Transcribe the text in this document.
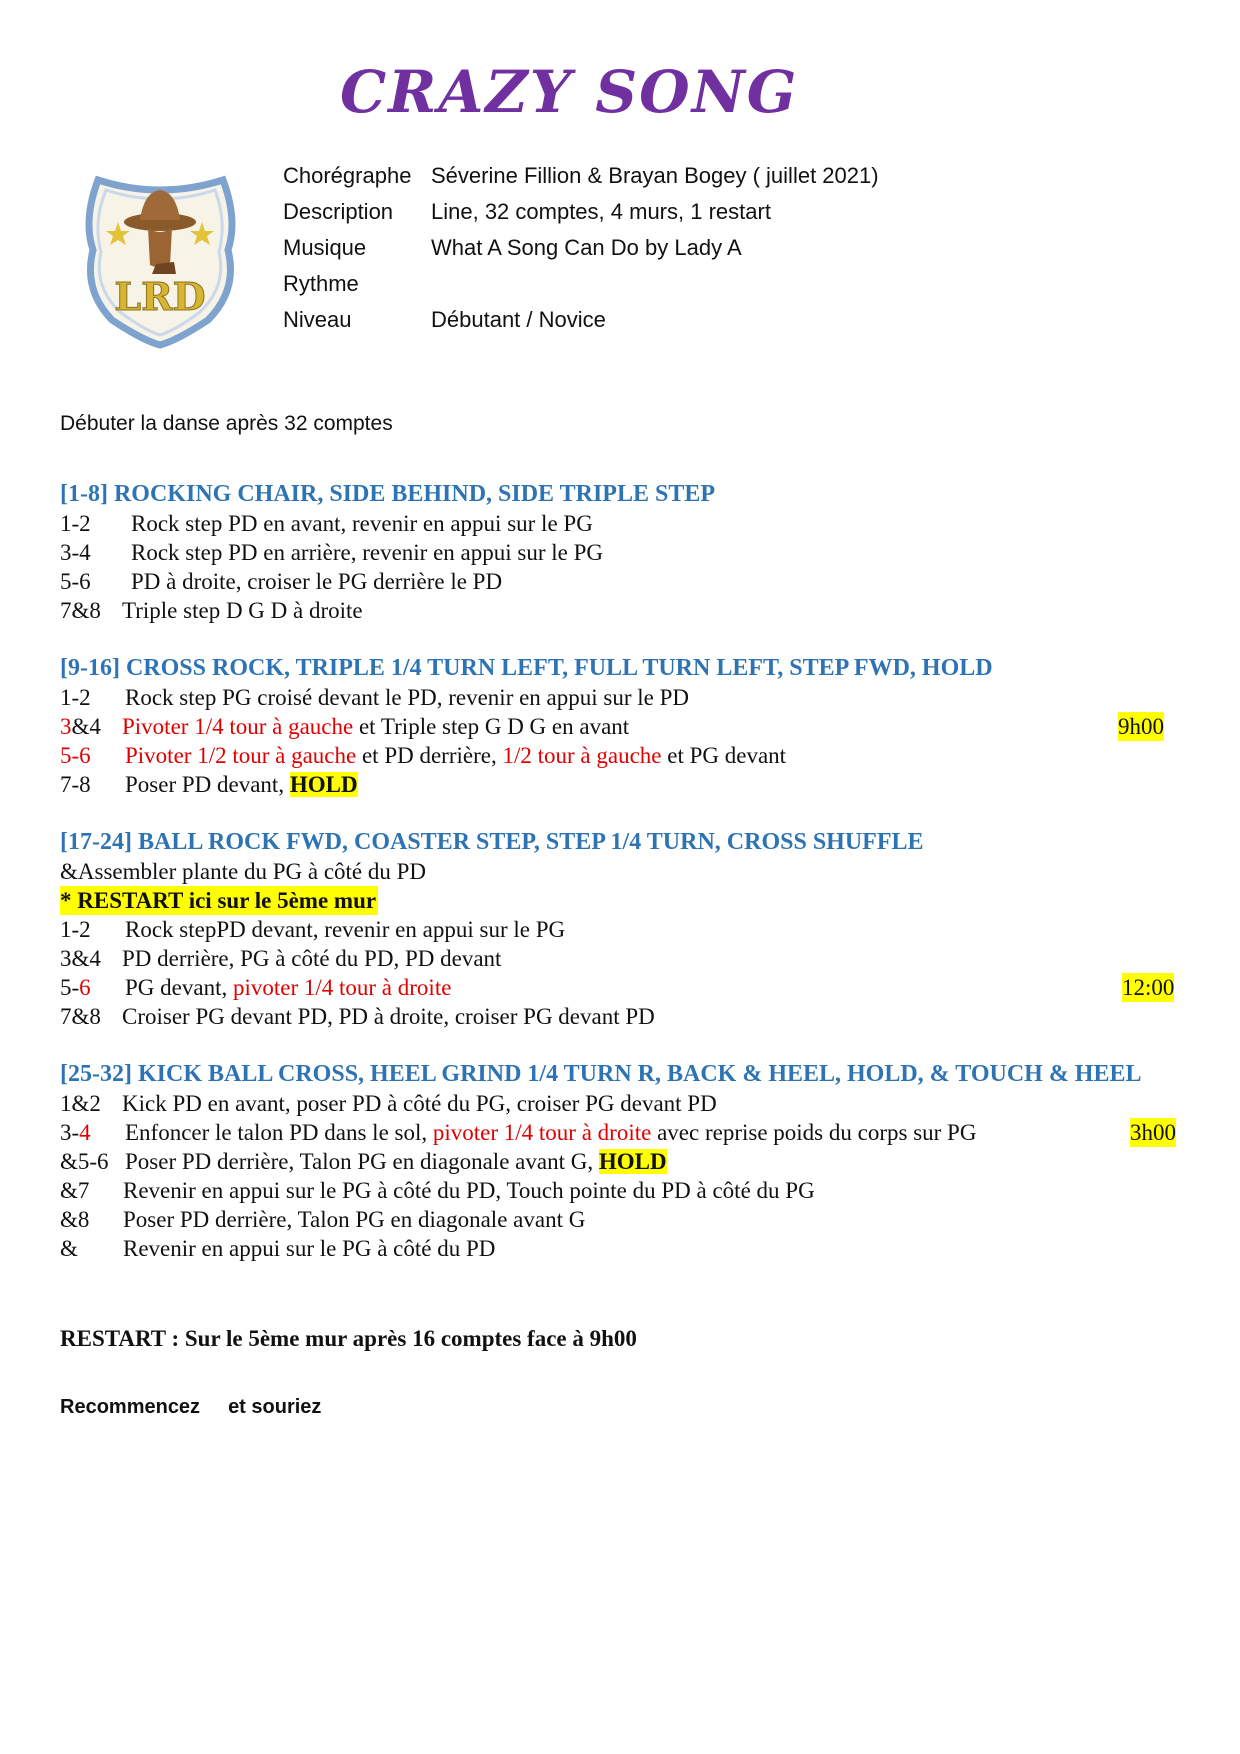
CRAZY SONG
LRD
Chorégraphe Séverine Fillion & Brayan Bogey ( juillet 2021)
Description Line, 32 comptes, 4 murs, 1 restart
Musique	What A Song Can Do by Lady A
Rythme
Niveau	Débutant / Novice
Débuter la danse après 32 comptes
[1-8] ROCKING CHAIR, SIDE BEHIND, SIDE TRIPLE STEP
1-2 Rock step PD en avant, revenir en appui sur le PG
3-4 Rock step PD en arrière, revenir en appui sur le PG
5-6 PD à droite, croiser le PG derrière le PD
7&8 Triple step D G D à droite
[9-16] CROSS ROCK, TRIPLE 1/4 TURN LEFT, FULL TURN LEFT, STEP FWD, HOLD
1-2 Rock step PG croisé devant le PD, revenir en appui sur le PD
3&4 Pivoter 1/4 tour à gauche et Triple step G D G en avant	9h00
5-6 Pivoter 1/2 tour à gauche et PD derrière, 1/2 tour à gauche et PG devant
7-8 Poser PD devant, HOLD
[17-24] BALL ROCK FWD, COASTER STEP, STEP 1/4 TURN, CROSS SHUFFLE
&Assembler plante du PG à côté du PD
* RESTART ici sur le 5ème mur
1-2 Rock stepPD devant, revenir en appui sur le PG
3&4 PD derrière, PG à côté du PD, PD devant
5-6 PG devant, pivoter 1/4 tour à droite	12:00
7&8 Croiser PG devant PD, PD à droite, croiser PG devant PD
[25-32] KICK BALL CROSS, HEEL GRIND 1/4 TURN R, BACK & HEEL, HOLD, & TOUCH & HEEL
1&2 Kick PD en avant, poser PD à côté du PG, croiser PG devant PD
3-4 Enfoncer le talon PD dans le sol, pivoter 1/4 tour à droite avec reprise poids du corps sur PG	3h00
&5-6 Poser PD derrière, Talon PG en diagonale avant G, HOLD
&7 Revenir en appui sur le PG à côté du PD, Touch pointe du PD à côté du PG
&8 Poser PD derrière, Talon PG en diagonale avant G
& Revenir en appui sur le PG à côté du PD
RESTART : Sur le 5ème mur après 16 comptes face à 9h00
Recommencez et souriez
